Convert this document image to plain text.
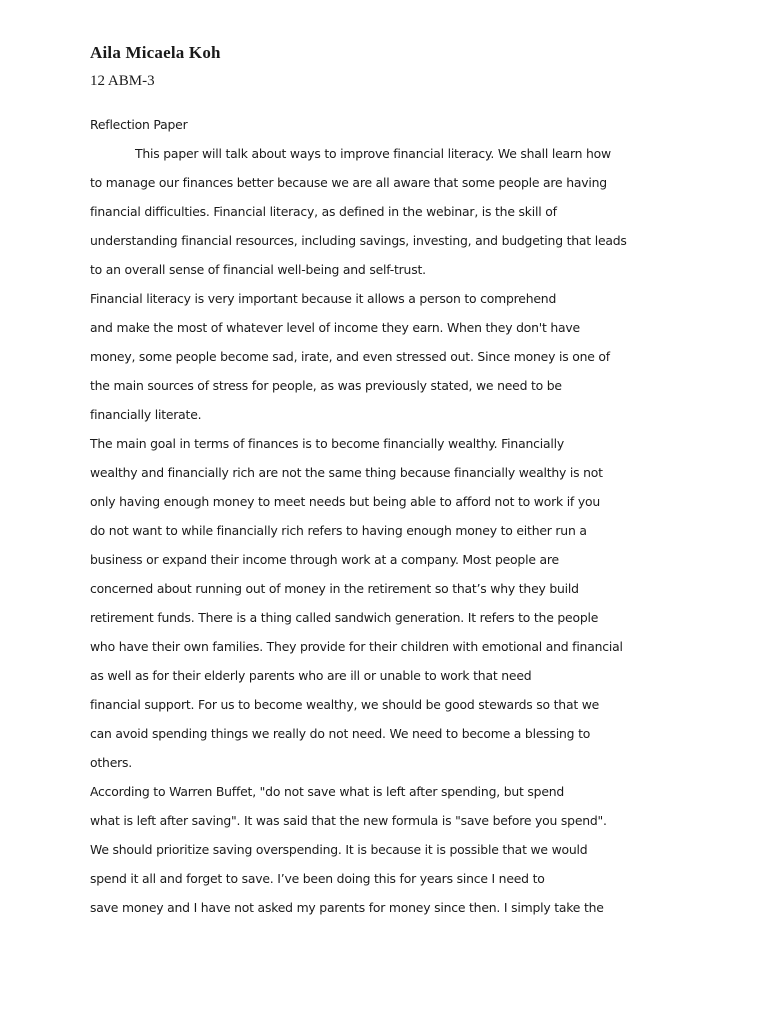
Aila Micaela Koh
12 ABM-3
Reflection Paper
This paper will talk about ways to improve financial literacy. We shall learn how
to manage our finances better because we are all aware that some people are having
financial difficulties. Financial literacy, as defined in the webinar, is the skill of
understanding financial resources, including savings, investing, and budgeting that leads
to an overall sense of financial well-being and self-trust.
Financial literacy is very important because it allows a person to comprehend
and make the most of whatever level of income they earn. When they don't have
money, some people become sad, irate, and even stressed out. Since money is one of
the main sources of stress for people, as was previously stated, we need to be
financially literate.
The main goal in terms of finances is to become financially wealthy. Financially
wealthy and financially rich are not the same thing because financially wealthy is not
only having enough money to meet needs but being able to afford not to work if you
do not want to while financially rich refers to having enough money to either run a
business or expand their income through work at a company. Most people are
concerned about running out of money in the retirement so that’s why they build
retirement funds. There is a thing called sandwich generation. It refers to the people
who have their own families. They provide for their children with emotional and financial
as well as for their elderly parents who are ill or unable to work that need
financial support. For us to become wealthy, we should be good stewards so that we
can avoid spending things we really do not need. We need to become a blessing to
others.
According to Warren Buffet, "do not save what is left after spending, but spend
what is left after saving". It was said that the new formula is "save before you spend".
We should prioritize saving overspending. It is because it is possible that we would
spend it all and forget to save. I’ve been doing this for years since I need to
save money and I have not asked my parents for money since then. I simply take the
